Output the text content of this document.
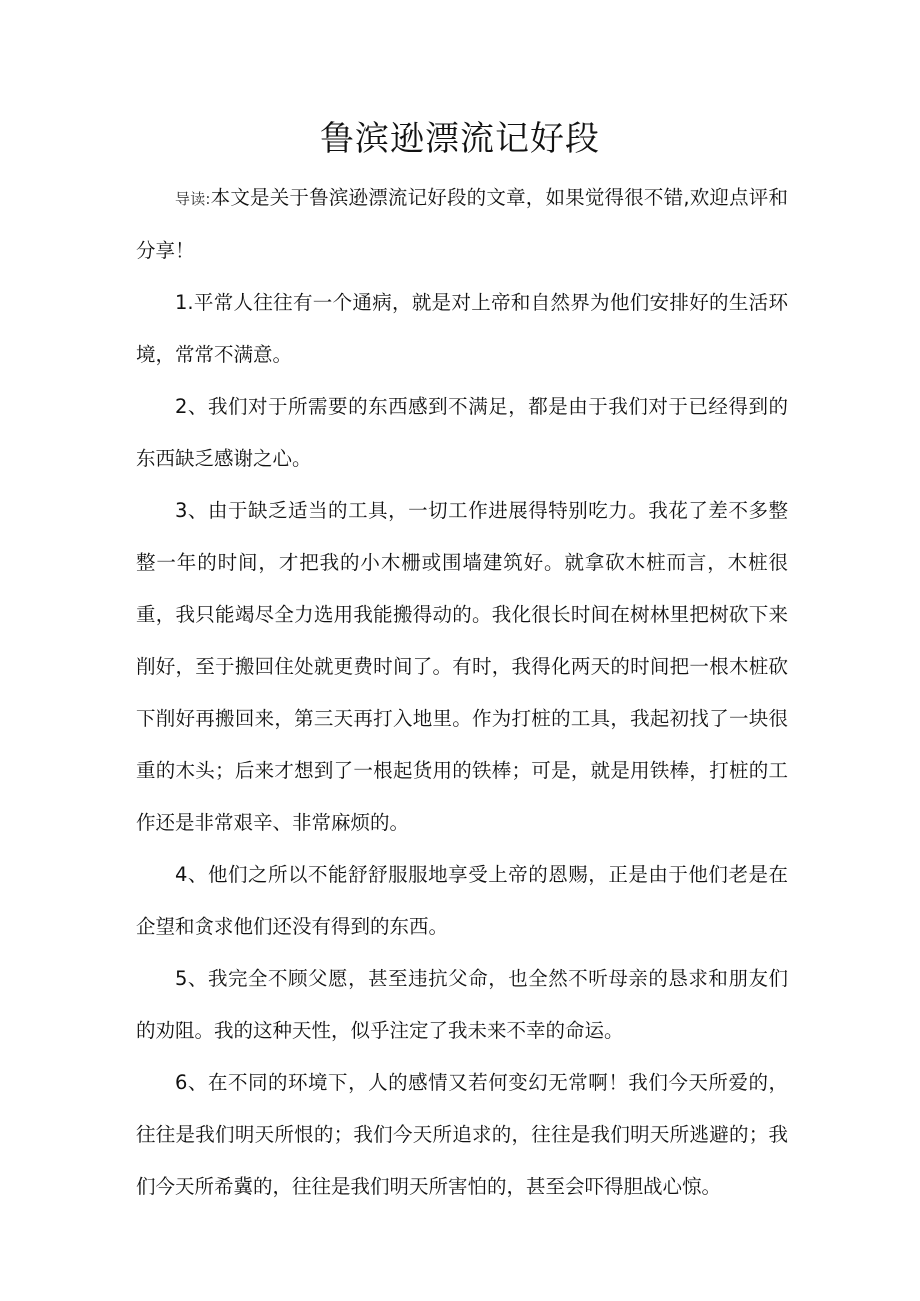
鲁滨逊漂流记好段

导读:本文是关于鲁滨逊漂流记好段的文章，如果觉得很不错,欢迎点评和分享！

1.平常人往往有一个通病，就是对上帝和自然界为他们安排好的生活环境，常常不满意。

2、我们对于所需要的东西感到不满足，都是由于我们对于已经得到的东西缺乏感谢之心。

3、由于缺乏适当的工具，一切工作进展得特别吃力。我花了差不多整整一年的时间，才把我的小木栅或围墙建筑好。就拿砍木桩而言，木桩很重，我只能竭尽全力选用我能搬得动的。我化很长时间在树林里把树砍下来削好，至于搬回住处就更费时间了。有时，我得化两天的时间把一根木桩砍下削好再搬回来，第三天再打入地里。作为打桩的工具，我起初找了一块很重的木头；后来才想到了一根起货用的铁棒；可是，就是用铁棒，打桩的工作还是非常艰辛、非常麻烦的。

4、他们之所以不能舒舒服服地享受上帝的恩赐，正是由于他们老是在企望和贪求他们还没有得到的东西。

5、我完全不顾父愿，甚至违抗父命，也全然不听母亲的恳求和朋友们的劝阻。我的这种天性，似乎注定了我未来不幸的命运。

6、在不同的环境下，人的感情又若何变幻无常啊！我们今天所爱的，往往是我们明天所恨的；我们今天所追求的，往往是我们明天所逃避的；我们今天所希冀的，往往是我们明天所害怕的，甚至会吓得胆战心惊。
